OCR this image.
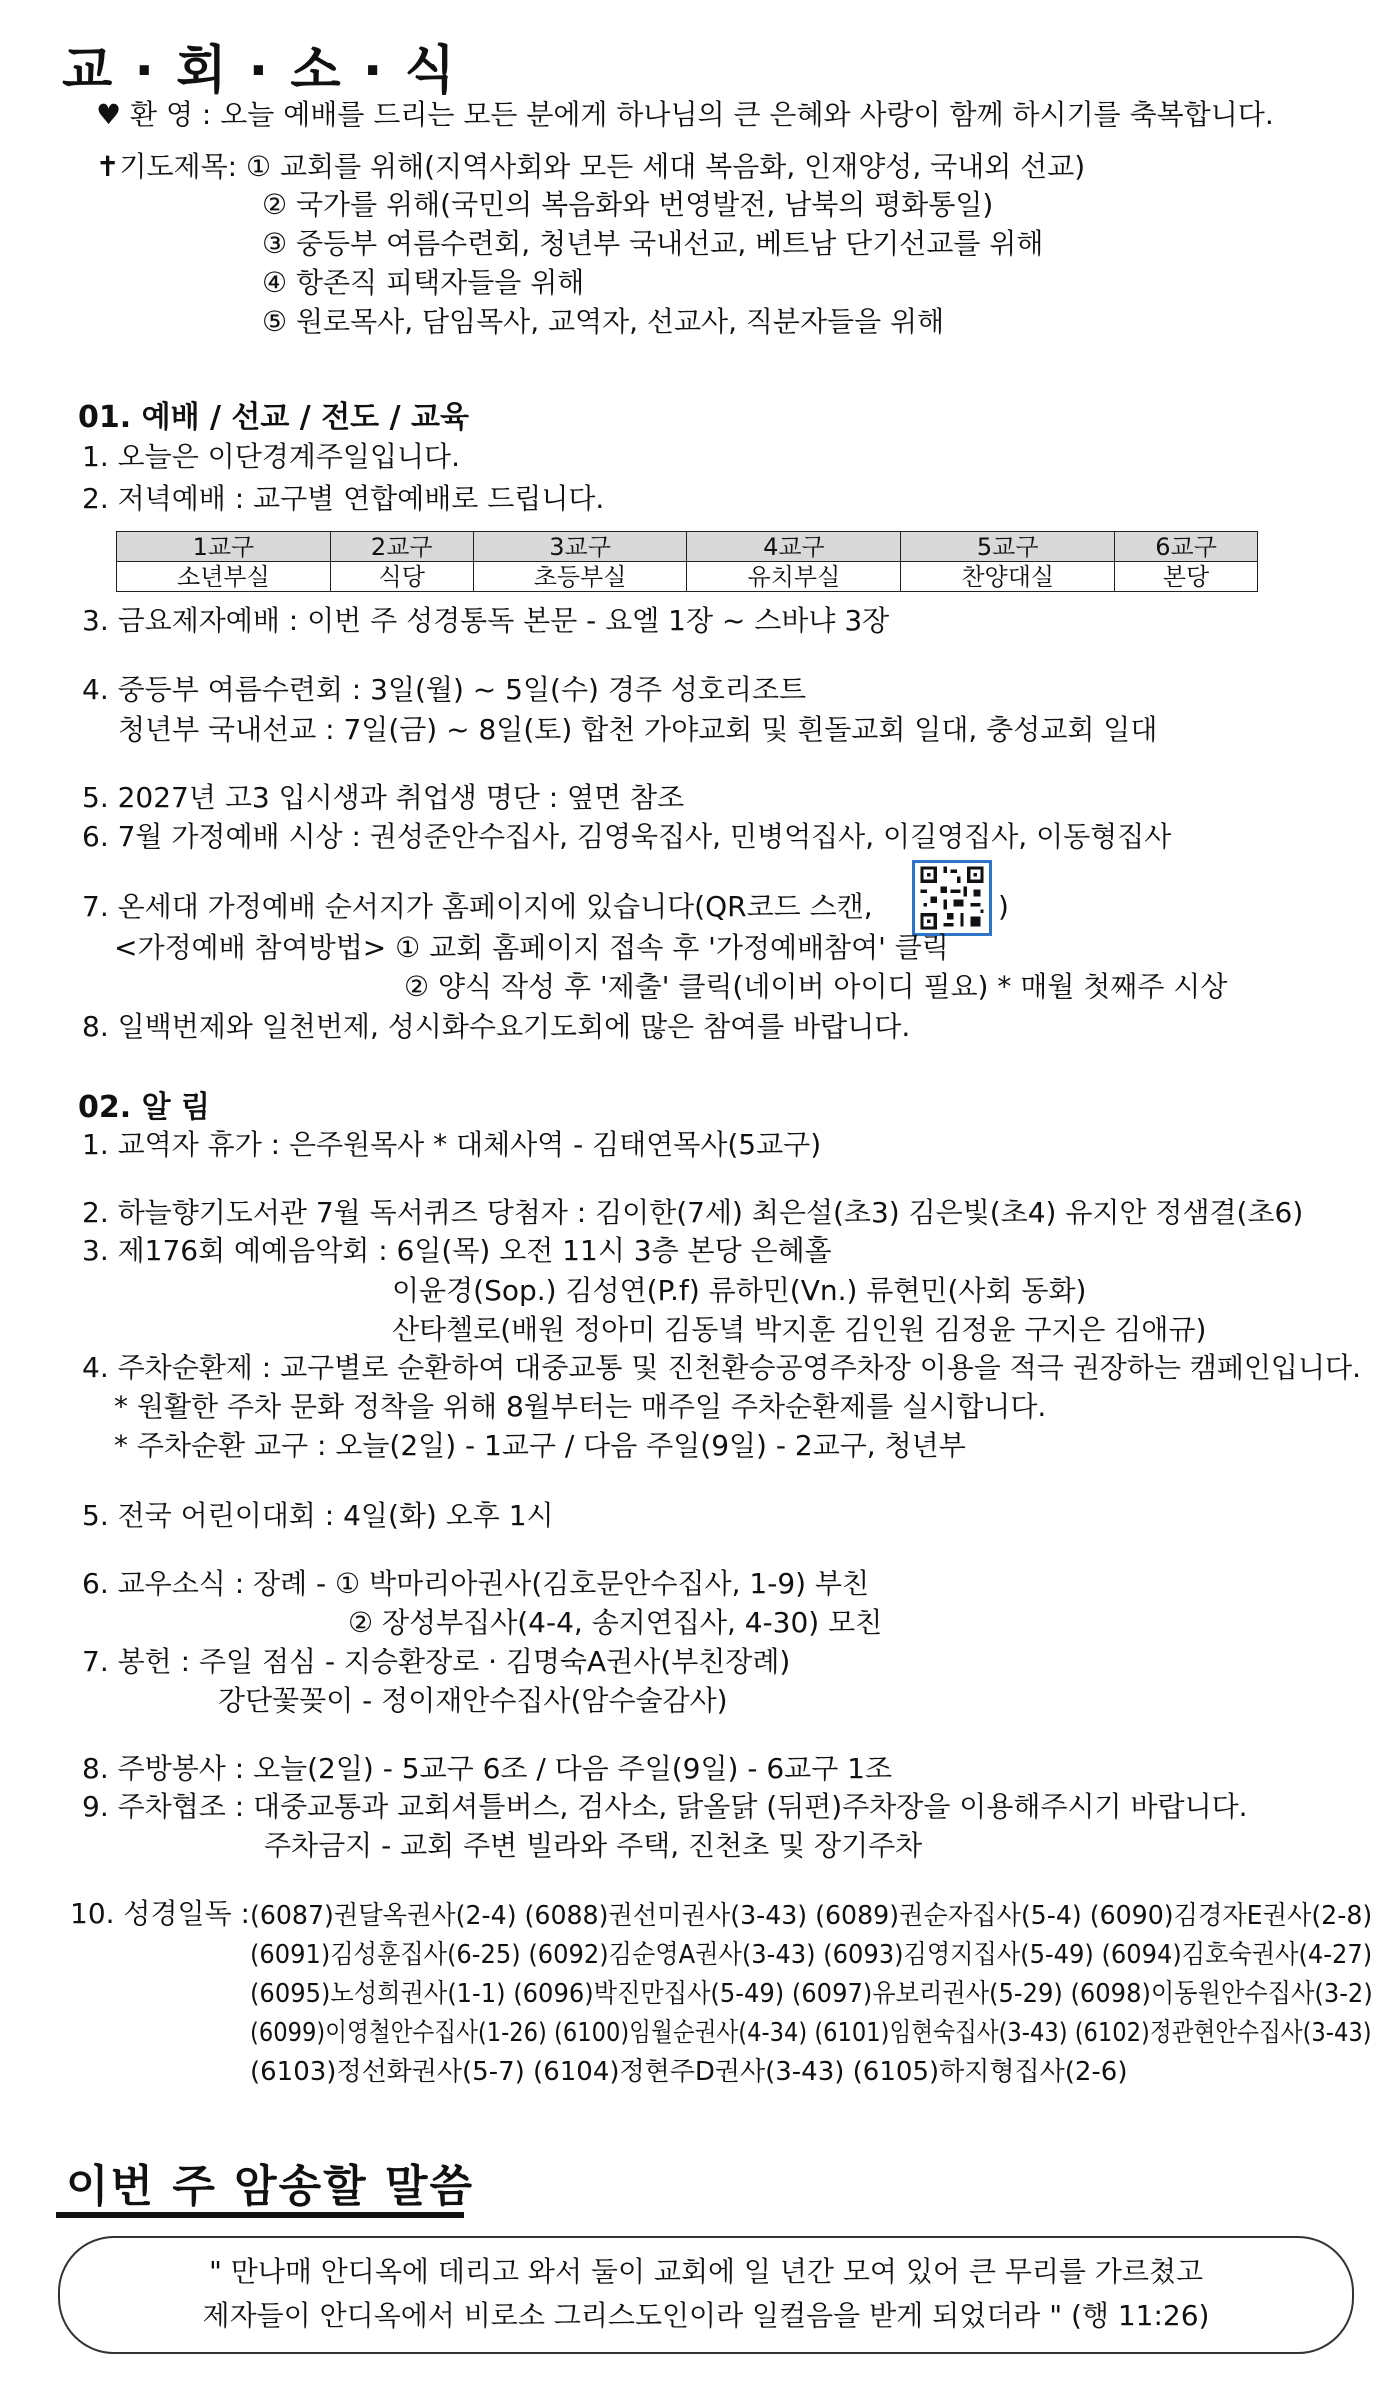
교 · 회 · 소 · 식
♥ 환 영 : 오늘 예배를 드리는 모든 분에게 하나님의 큰 은혜와 사랑이 함께 하시기를 축복합니다.
✝기도제목: ① 교회를 위해(지역사회와 모든 세대 복음화, 인재양성, 국내외 선교)
② 국가를 위해(국민의 복음화와 번영발전, 남북의 평화통일)
③ 중등부 여름수련회, 청년부 국내선교, 베트남 단기선교를 위해
④ 항존직 피택자들을 위해
⑤ 원로목사, 담임목사, 교역자, 선교사, 직분자들을 위해
01. 예배 / 선교 / 전도 / 교육
1. 오늘은 이단경계주일입니다.
2. 저녁예배 : 교구별 연합예배로 드립니다.
1교구	2교구	3교구	4교구	5교구	6교구
소년부실	식당	초등부실	유치부실	찬양대실	본당
3. 금요제자예배 : 이번 주 성경통독 본문 - 요엘 1장 ~ 스바냐 3장
4. 중등부 여름수련회 : 3일(월) ~ 5일(수) 경주 성호리조트
청년부 국내선교 : 7일(금) ~ 8일(토) 합천 가야교회 및 흰돌교회 일대, 충성교회 일대
5. 2027년 고3 입시생과 취업생 명단 : 옆면 참조
6. 7월 가정예배 시상 : 권성준안수집사, 김영욱집사, 민병억집사, 이길영집사, 이동형집사
7. 온세대 가정예배 순서지가 홈페이지에 있습니다(QR코드 스캔,	)
<가정예배 참여방법> ① 교회 홈페이지 접속 후 '가정예배참여' 클릭
② 양식 작성 후 '제출' 클릭(네이버 아이디 필요) * 매월 첫째주 시상
8. 일백번제와 일천번제, 성시화수요기도회에 많은 참여를 바랍니다.
02. 알 림
1. 교역자 휴가 : 은주원목사 * 대체사역 - 김태연목사(5교구)
2. 하늘향기도서관 7월 독서퀴즈 당첨자 : 김이한(7세) 최은설(초3) 김은빛(초4) 유지안 정샘결(초6)
3. 제176회 예예음악회 : 6일(목) 오전 11시 3층 본당 은혜홀
이윤경(Sop.) 김성연(P.f) 류하민(Vn.) 류현민(사회 동화)
산타첼로(배원 정아미 김동녘 박지훈 김인원 김정윤 구지은 김애규)
4. 주차순환제 : 교구별로 순환하여 대중교통 및 진천환승공영주차장 이용을 적극 권장하는 캠페인입니다.
* 원활한 주차 문화 정착을 위해 8월부터는 매주일 주차순환제를 실시합니다.
* 주차순환 교구 : 오늘(2일) - 1교구 / 다음 주일(9일) - 2교구, 청년부
5. 전국 어린이대회 : 4일(화) 오후 1시
6. 교우소식 : 장례 - ① 박마리아권사(김호문안수집사, 1-9) 부친
② 장성부집사(4-4, 송지연집사, 4-30) 모친
7. 봉헌 : 주일 점심 - 지승환장로 · 김명숙A권사(부친장례)
강단꽃꽂이 - 정이재안수집사(암수술감사)
8. 주방봉사 : 오늘(2일) - 5교구 6조 / 다음 주일(9일) - 6교구 1조
9. 주차협조 : 대중교통과 교회셔틀버스, 검사소, 닭올닭 (뒤편)주차장을 이용해주시기 바랍니다.
주차금지 - 교회 주변 빌라와 주택, 진천초 및 장기주차
10. 성경일독 : (6087)권달옥권사(2-4) (6088)권선미권사(3-43) (6089)권순자집사(5-4) (6090)김경자E권사(2-8)
(6091)김성훈집사(6-25) (6092)김순영A권사(3-43) (6093)김영지집사(5-49) (6094)김호숙권사(4-27)
(6095)노성희권사(1-1) (6096)박진만집사(5-49) (6097)유보리권사(5-29) (6098)이동원안수집사(3-2)
(6099)이영철안수집사(1-26) (6100)임월순권사(4-34) (6101)임현숙집사(3-43) (6102)정관현안수집사(3-43)
(6103)정선화권사(5-7) (6104)정현주D권사(3-43) (6105)하지형집사(2-6)
이번 주 암송할 말씀
" 만나매 안디옥에 데리고 와서 둘이 교회에 일 년간 모여 있어 큰 무리를 가르쳤고
제자들이 안디옥에서 비로소 그리스도인이라 일컬음을 받게 되었더라 " (행 11:26)
